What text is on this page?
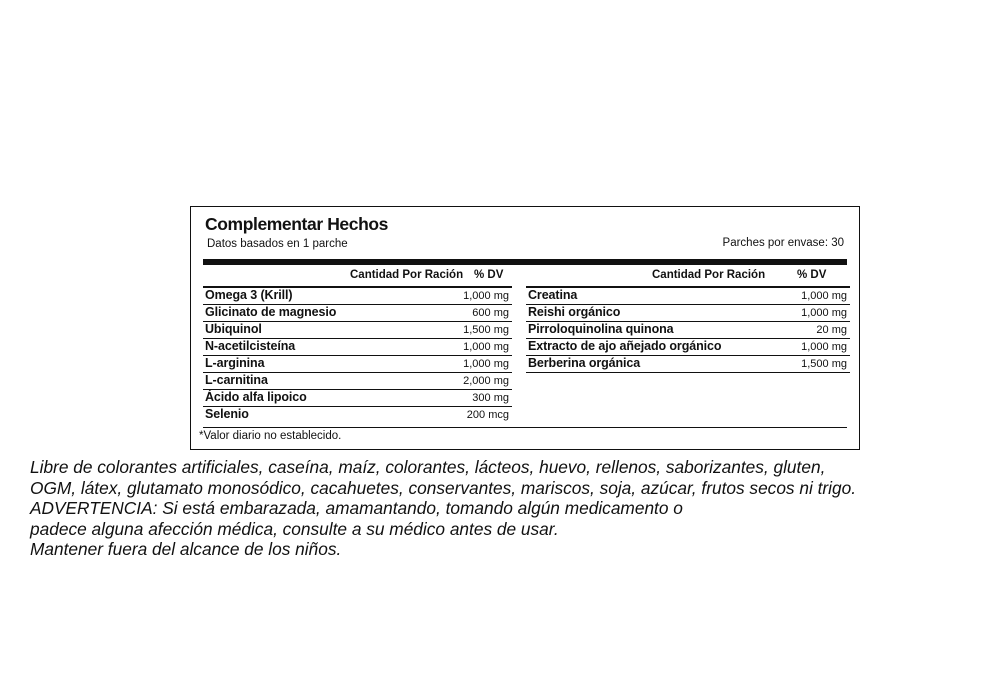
Complementar Hechos
Datos basados en 1 parche	Parches por envase: 30
Cantidad Por Ración % DV
Omega 3 (Krill)	1,000 mg
Glicinato de magnesio	600 mg
Ubiquinol	1,500 mg
N-acetilcisteína	1,000 mg
L-arginina	1,000 mg
L-carnitina	2,000 mg
Ácido alfa lipoico	300 mg
Selenio	200 mcg
Cantidad Por Ración	% DV
Creatina	1,000 mg
Reishi orgánico	1,000 mg
Pirroloquinolina quinona	20 mg
Extracto de ajo añejado orgánico	1,000 mg
Berberina orgánica	1,500 mg
*Valor diario no establecido.
Libre de colorantes artificiales, caseína, maíz, colorantes, lácteos, huevo, rellenos, saborizantes, gluten,
OGM, látex, glutamato monosódico, cacahuetes, conservantes, mariscos, soja, azúcar, frutos secos ni trigo.
ADVERTENCIA: Si está embarazada, amamantando, tomando algún medicamento o
padece alguna afección médica, consulte a su médico antes de usar.
Mantener fuera del alcance de los niños.
